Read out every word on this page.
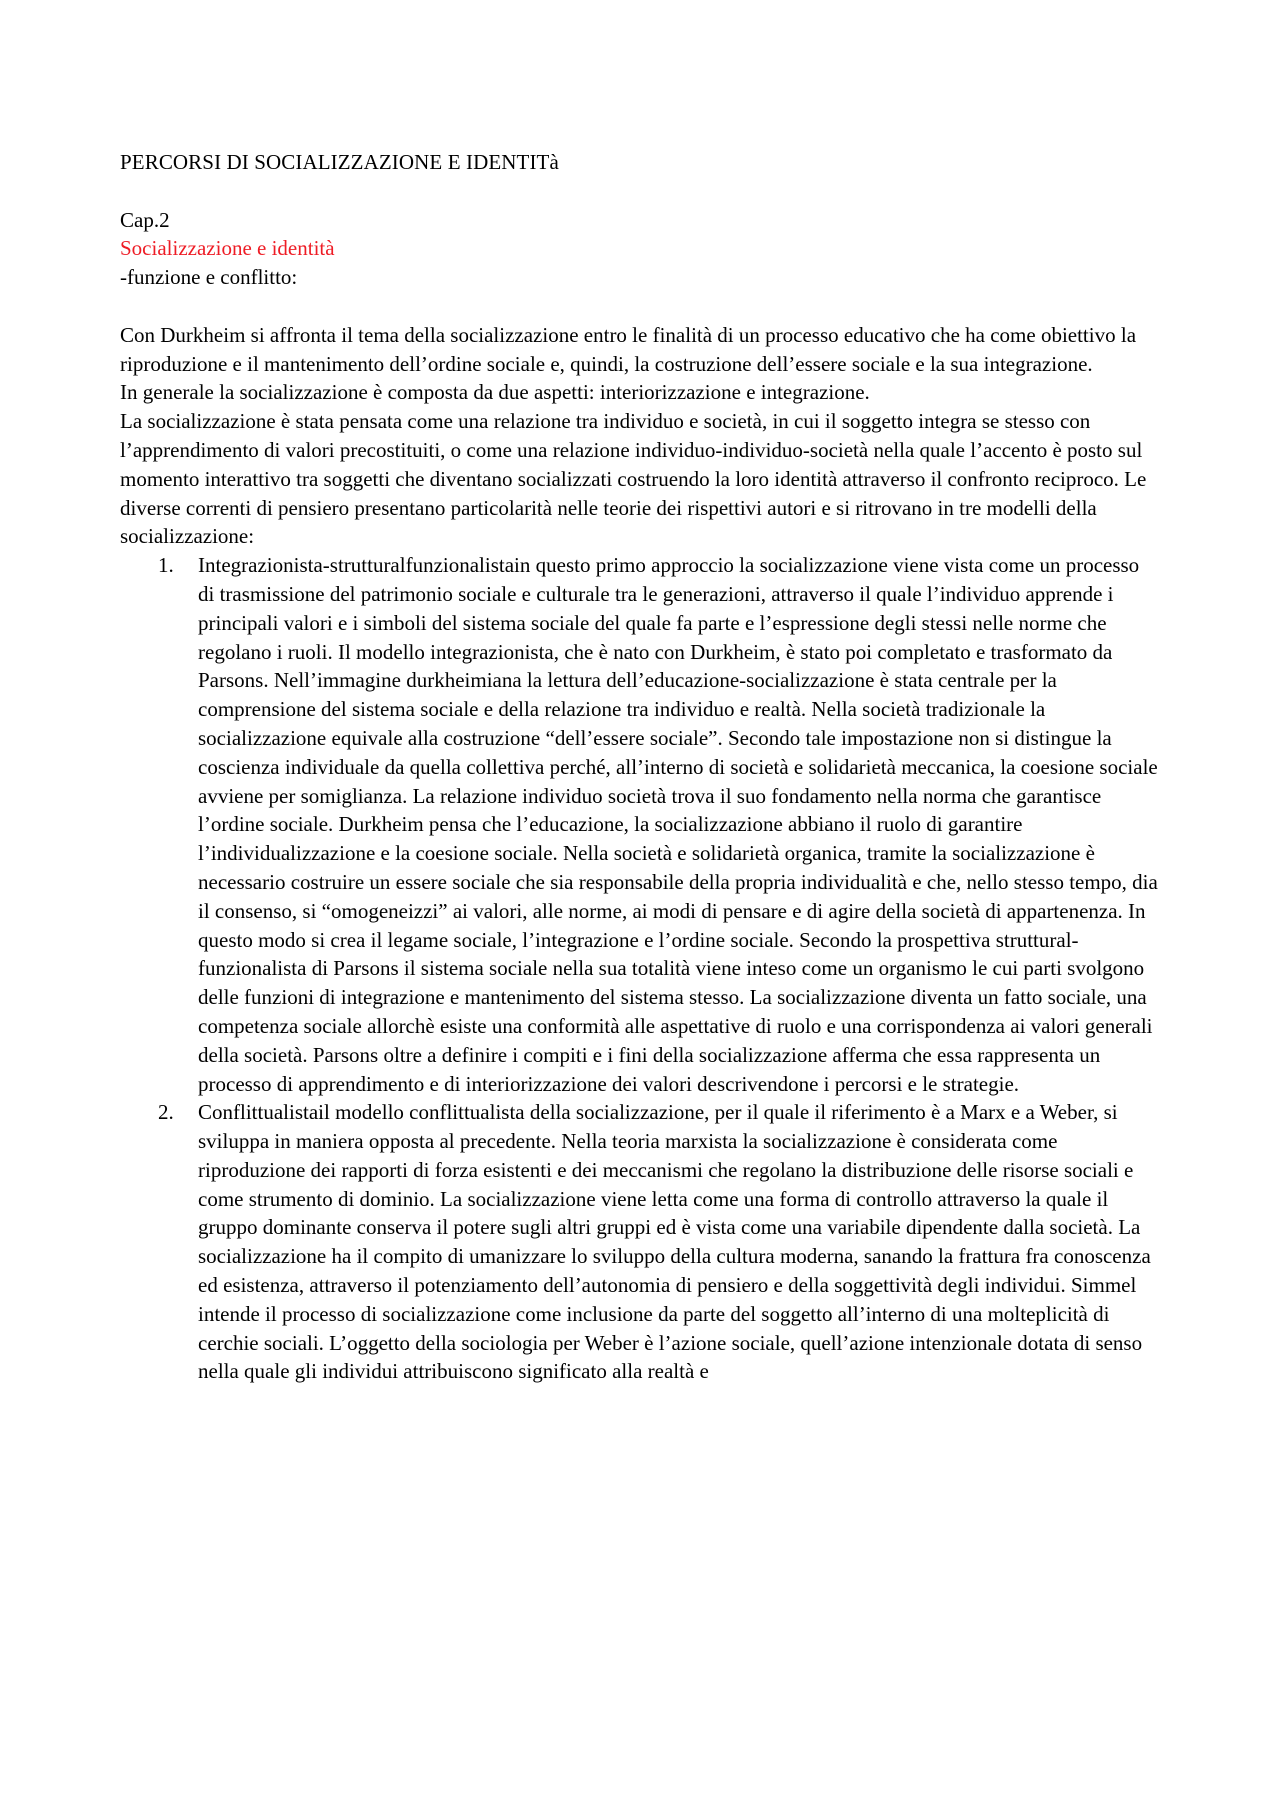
PERCORSI DI SOCIALIZZAZIONE E IDENTITà

Cap.2

Socializzazione e identità

-funzione e conflitto:

Con Durkheim si affronta il tema della socializzazione entro le finalità di un processo educativo che ha come obiettivo la riproduzione e il mantenimento dell’ordine sociale e, quindi, la costruzione dell’essere sociale e la sua integrazione.

In generale la socializzazione è composta da due aspetti: interiorizzazione e integrazione.

La socializzazione è stata pensata come una relazione tra individuo e società, in cui il soggetto integra se stesso con l’apprendimento di valori precostituiti, o come una relazione individuo-individuo-società nella quale l’accento è posto sul momento interattivo tra soggetti che diventano socializzati costruendo la loro identità attraverso il confronto reciproco. Le diverse correnti di pensiero presentano particolarità nelle teorie dei rispettivi autori e si ritrovano in tre modelli della socializzazione:

1.	Integrazionista-strutturalfunzionalistain questo primo approccio la socializzazione viene vista come un processo di trasmissione del patrimonio sociale e culturale tra le generazioni, attraverso il quale l’individuo apprende i principali valori e i simboli del sistema sociale del quale fa parte e l’espressione degli stessi nelle norme che regolano i ruoli. Il modello integrazionista, che è nato con Durkheim, è stato poi completato e trasformato da Parsons. Nell’immagine durkheimiana la lettura dell’educazione-socializzazione è stata centrale per la comprensione del sistema sociale e della relazione tra individuo e realtà. Nella società tradizionale la socializzazione equivale alla costruzione “dell’essere sociale”. Secondo tale impostazione non si distingue la coscienza individuale da quella collettiva perché, all’interno di società e solidarietà meccanica, la coesione sociale avviene per somiglianza. La relazione individuo società trova il suo fondamento nella norma che garantisce l’ordine sociale. Durkheim pensa che l’educazione, la socializzazione abbiano il ruolo di garantire l’individualizzazione e la coesione sociale. Nella società e solidarietà organica, tramite la socializzazione è necessario costruire un essere sociale che sia responsabile della propria individualità e che, nello stesso tempo, dia il consenso, si “omogeneizzi” ai valori, alle norme, ai modi di pensare e di agire della società di appartenenza. In questo modo si crea il legame sociale, l’integrazione e l’ordine sociale. Secondo la prospettiva struttural-funzionalista di Parsons il sistema sociale nella sua totalità viene inteso come un organismo le cui parti svolgono delle funzioni di integrazione e mantenimento del sistema stesso. La socializzazione diventa un fatto sociale, una competenza sociale allorchè esiste una conformità alle aspettative di ruolo e una corrispondenza ai valori generali della società. Parsons oltre a definire i compiti e i fini della socializzazione afferma che essa rappresenta un processo di apprendimento e di interiorizzazione dei valori descrivendone i percorsi e le strategie.
2.	Conflittualistail modello conflittualista della socializzazione, per il quale il riferimento è a Marx e a Weber, si sviluppa in maniera opposta al precedente. Nella teoria marxista la socializzazione è considerata come riproduzione dei rapporti di forza esistenti e dei meccanismi che regolano la distribuzione delle risorse sociali e come strumento di dominio. La socializzazione viene letta come una forma di controllo attraverso la quale il gruppo dominante conserva il potere sugli altri gruppi ed è vista come una variabile dipendente dalla società. La socializzazione ha il compito di umanizzare lo sviluppo della cultura moderna, sanando la frattura fra conoscenza ed esistenza, attraverso il potenziamento dell’autonomia di pensiero e della soggettività degli individui. Simmel intende il processo di socializzazione come inclusione da parte del soggetto all’interno di una molteplicità di cerchie sociali. L’oggetto della sociologia per Weber è l’azione sociale, quell’azione intenzionale dotata di senso nella quale gli individui attribuiscono significato alla realtà e
